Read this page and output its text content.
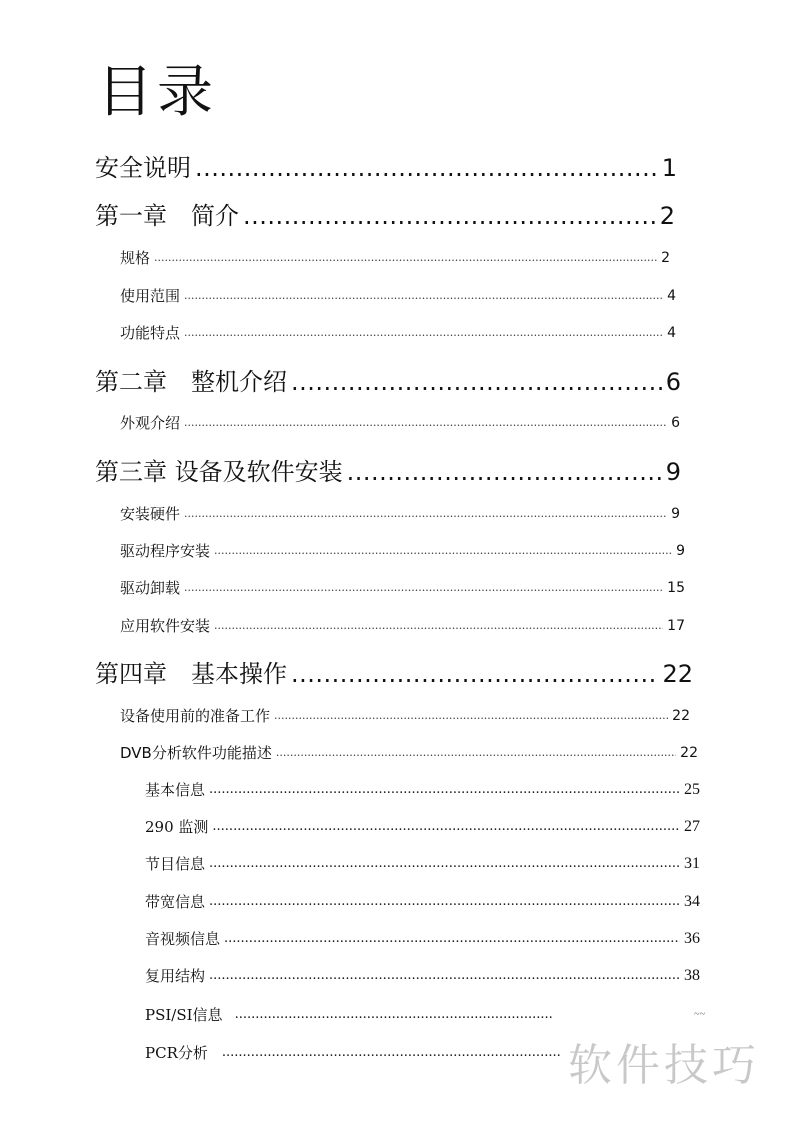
目录
安全说明 .....	1
第一章　简介 .....	2
规格 .....	2
使用范围 .....	4
功能特点 .....	4
第二章　整机介绍 .....	6
外观介绍 .....	6
第三章 设备及软件安装 .....	9
安装硬件 .....	9
驱动程序安装 .....	9
驱动卸载 .....	15
应用软件安装 .....	17
第四章　基本操作 .....	22
设备使用前的准备工作 .....	22
DVB分析软件功能描述 .....	22
基本信息 .....	25
290 监测 .....	27
节目信息 .....	31
带宽信息 .....	34
音视频信息 .....	36
复用结构 .....	38
PSI/SI信息 .....	~~
PCR分析 .....	软件技巧
